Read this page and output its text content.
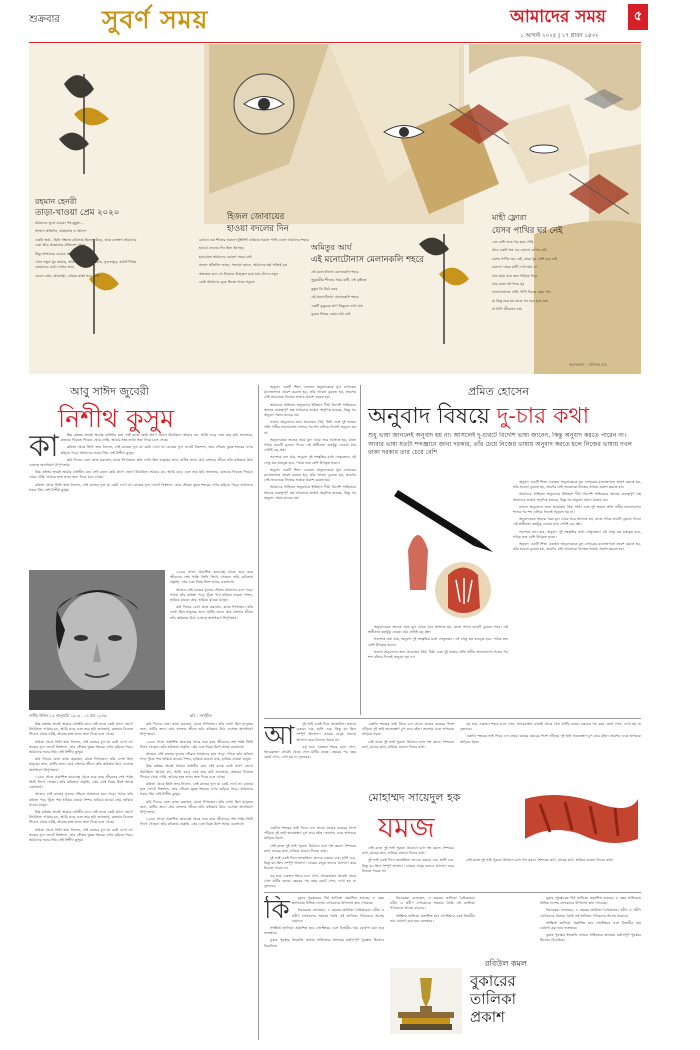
শুক্রবার সুবর্ণ সময়	আমাদের সময়	৫
১ আগস্ট ২০২৫ | ১৭ শ্রাবণ ১৪৩২
রহমান হেনরী
তাড়া-খাওয়া প্রেম ২০২০

আমাদের ভুলে যাওয়া পথ-মুহূর্ত...

আশ্বাস প্রতিদিন, যাতায়াত ও আনন্দ

একটা স্বপ্নে - যিনি সংঘাত কবিতায় ছিলেন উড়ে, তারা কতক্ষণ আমাদের একা আর প্রাক্কালের প্রতিবেশ থেকে

কিন্তু সংসারের চেয়েও প্রাক্তন বুঝিয়ে

এখন নতুন সুর জমছে, আমাদের ভুলে, স্রিয়মান, ফুলবাতুর, যথার্থ গির্ভর তোমাদের রেখা দেখার জন্য

কেবল প্রেম, আকাঙ্খা, প্রেমের রাস্তা ঘরে রাখি

হিজল জোবায়ের
হাওয়া বদলের দিন

কোনো এক শীতের সকালে টুংটাঙ্গী ডাকিয়ে সকাল পাখি এলো আমাদের শহরে

হাওয়া বদলের দিন ছিল আসছে

হাওয়াতে আমাদের কোনো নজর নেই

সকাল প্রতিদিন জানে, সন্ধ্যারা জানে, আমাদের স্বপ্ন সত্যিই রঙ

অন্ধকার হলে সে নিজেও উজ্জ্বল হয়ে যায় চাঁদেও নতুন

কেউ আমাদের বুকে ভিজে থাকে সবুজে

অমিতুর আর্য
এই মনোটোনাস মেলানকলি শহরে

এই মনোটোনাস মেলানকলি শহরে

সুকুমারীর শীতের সময় বাটি, এই বৃষ্টিতে

কুকুর কি মিঠে করে

এই মনোটোনাস মেলানকলি শহরে

একটি কুকুরের ঘ্রাণ কিছুতে দেখা যায়

বুকের ভিতর কেমন মাঠ নেই

মাহী ফ্লোরা
যেসব পাখির ঘর নেই

এত বেশি ভয়ে গড় হয়ে গেছি

আর একটা ভয় এর কোনো ব্যাখ্যা নেই

যেসব পাখির ঘর নেই, তারা খুব বেশি দূরে নেই

বারান্দা থেকে মাটি দেখা যায় না

তার ছায়া হয়ে জল গড়িয়ে পড়ে

তার মতো আপনার সুর

ভালোবাসতে গেছি পাখি দিনের কোন দিন

যা কিছু শুরু হয় রাত্রে সব শুরু হয়ে যায়

না চিনি জীবনের নাম

অলংকরণ : বালিকা রায়
আবু সাঈদ জুবেরী
নিশীথ কুসুম
কা	উচ্চ কন্ঠস্বর ক্রমেই আমার বাধাহীন মনে সেই রাতে কেউ প্রাণে জেগে উঠেছিল। আমার মন, আমি ঝড়ে এবং তার ছবি জানতাম, কতবার ফিরতে গিয়েও থেমে গেছি, আমার হাত তখন অন্য দিকে চলে গেছে।

কবিতা থেকে তিনি জন্ম নিলেন, সেই রাতের ফুল যা কেউ দেখে না। রাতের ফুল ফোটে নিঃশব্দে, তার সৌরভ ঘুমন্ত শহরের ওপর ছড়িয়ে পড়ে। আমাদের সবার প্রিয় সেই নিশীথ কুসুম।

কবি দিনের বেলা কাজ করতেন, রাতে লিখতেন। তাঁর লেখা ছিল মানুষের জন্য, মাটির জন্য। গ্রাম বাংলার জীবন তাঁর কবিতায় উঠে এসেছে অসাধারণ নিপুণতায়।

উচ্চ কন্ঠস্বর ক্রমেই আমার বাধাহীন মনে সেই রাতে কেউ প্রাণে জেগে উঠেছিল। আমার মন, আমি ঝড়ে এবং তার ছবি জানতাম, কতবার ফিরতে গিয়েও থেমে গেছি, আমার হাত তখন অন্য দিকে চলে গেছে।

কবিতা থেকে তিনি জন্ম নিলেন, সেই রাতের ফুল যা কেউ দেখে না। রাতের ফুল ফোটে নিঃশব্দে, তার সৌরভ ঘুমন্ত শহরের ওপর ছড়িয়ে পড়ে। আমাদের সবার প্রিয় সেই নিশীথ কুসুম।

১৯৩৪ সালে প্রকাশিত কাব্যগ্রন্থ থেকে শুরু করে জীবনের শেষ পর্যন্ত তিনি লিখে গেছেন। তাঁর কবিতায় প্রকৃতি, প্রেম এবং বিরহ মিশে আছে একসাথে।

আজও সেই রাতের ফুলের সৌরভ আমাদের মনে পড়ে। পাঠক তাঁর কবিতা পড়ে খুঁজে পায় হারিয়ে যাওয়া শৈশব, হারিয়ে যাওয়া গ্রাম, হারিয়ে যাওয়া মানুষ।

কবি দিনের বেলা কাজ করতেন, রাতে লিখতেন। তাঁর লেখা ছিল মানুষের জন্য, মাটির জন্য। গ্রাম বাংলার জীবন তাঁর কবিতায় উঠে এসেছে অসাধারণ নিপুণতায়।

জসীম উদ্দিন / ৯ জানুয়ারি ১৯০৩ - ১৪ মার্চ ১৯৭৬	ছবি : সংগৃহীত

উচ্চ কন্ঠস্বর ক্রমেই আমার বাধাহীন মনে সেই রাতে কেউ প্রাণে জেগে উঠেছিল। আমার মন, আমি ঝড়ে এবং তার ছবি জানতাম, কতবার ফিরতে গিয়েও থেমে গেছি, আমার হাত তখন অন্য দিকে চলে গেছে।

কবিতা থেকে তিনি জন্ম নিলেন, সেই রাতের ফুল যা কেউ দেখে না। রাতের ফুল ফোটে নিঃশব্দে, তার সৌরভ ঘুমন্ত শহরের ওপর ছড়িয়ে পড়ে। আমাদের সবার প্রিয় সেই নিশীথ কুসুম।

কবি দিনের বেলা কাজ করতেন, রাতে লিখতেন। তাঁর লেখা ছিল মানুষের জন্য, মাটির জন্য। গ্রাম বাংলার জীবন তাঁর কবিতায় উঠে এসেছে অসাধারণ নিপুণতায়।

১৯৩৪ সালে প্রকাশিত কাব্যগ্রন্থ থেকে শুরু করে জীবনের শেষ পর্যন্ত তিনি লিখে গেছেন। তাঁর কবিতায় প্রকৃতি, প্রেম এবং বিরহ মিশে আছে একসাথে।

আজও সেই রাতের ফুলের সৌরভ আমাদের মনে পড়ে। পাঠক তাঁর কবিতা পড়ে খুঁজে পায় হারিয়ে যাওয়া শৈশব, হারিয়ে যাওয়া গ্রাম, হারিয়ে যাওয়া মানুষ।

উচ্চ কন্ঠস্বর ক্রমেই আমার বাধাহীন মনে সেই রাতে কেউ প্রাণে জেগে উঠেছিল। আমার মন, আমি ঝড়ে এবং তার ছবি জানতাম, কতবার ফিরতে গিয়েও থেমে গেছি, আমার হাত তখন অন্য দিকে চলে গেছে।

কবিতা থেকে তিনি জন্ম নিলেন, সেই রাতের ফুল যা কেউ দেখে না। রাতের ফুল ফোটে নিঃশব্দে, তার সৌরভ ঘুমন্ত শহরের ওপর ছড়িয়ে পড়ে। আমাদের সবার প্রিয় সেই নিশীথ কুসুম।

কবি দিনের বেলা কাজ করতেন, রাতে লিখতেন। তাঁর লেখা ছিল মানুষের জন্য, মাটির জন্য। গ্রাম বাংলার জীবন তাঁর কবিতায় উঠে এসেছে অসাধারণ নিপুণতায়।

১৯৩৪ সালে প্রকাশিত কাব্যগ্রন্থ থেকে শুরু করে জীবনের শেষ পর্যন্ত তিনি লিখে গেছেন। তাঁর কবিতায় প্রকৃতি, প্রেম এবং বিরহ মিশে আছে একসাথে।

আজও সেই রাতের ফুলের সৌরভ আমাদের মনে পড়ে। পাঠক তাঁর কবিতা পড়ে খুঁজে পায় হারিয়ে যাওয়া শৈশব, হারিয়ে যাওয়া গ্রাম, হারিয়ে যাওয়া মানুষ।

উচ্চ কন্ঠস্বর ক্রমেই আমার বাধাহীন মনে সেই রাতে কেউ প্রাণে জেগে উঠেছিল। আমার মন, আমি ঝড়ে এবং তার ছবি জানতাম, কতবার ফিরতে গিয়েও থেমে গেছি, আমার হাত তখন অন্য দিকে চলে গেছে।

কবিতা থেকে তিনি জন্ম নিলেন, সেই রাতের ফুল যা কেউ দেখে না। রাতের ফুল ফোটে নিঃশব্দে, তার সৌরভ ঘুমন্ত শহরের ওপর ছড়িয়ে পড়ে। আমাদের সবার প্রিয় সেই নিশীথ কুসুম।

কবি দিনের বেলা কাজ করতেন, রাতে লিখতেন। তাঁর লেখা ছিল মানুষের জন্য, মাটির জন্য। গ্রাম বাংলার জীবন তাঁর কবিতায় উঠে এসেছে অসাধারণ নিপুণতায়।

১৯৩৪ সালে প্রকাশিত কাব্যগ্রন্থ থেকে শুরু করে জীবনের শেষ পর্যন্ত তিনি লিখে গেছেন। তাঁর কবিতায় প্রকৃতি, প্রেম এবং বিরহ মিশে আছে একসাথে।

অনুবাদ একটি শিল্প। একজন অনুবাদককে মূল লেখকের মনোজগতে প্রবেশ করতে হয়, তাঁর ভাবনা বুঝতে হয়, তারপর সেই ভাবনাকে নিজের ভাষায় প্রকাশ করতে হয়।

আমাদের সাহিত্যে অনুবাদের ইতিহাস দীর্ঘ। বিদেশি সাহিত্যের অনেক গুরুত্বপূর্ণ গ্রন্থ আমাদের ভাষায় অনূদিত হয়েছে, কিন্তু সব অনুবাদ সমান মানের নয়।

ভালো অনুবাদের জন্য প্রয়োজন ধৈর্য, নিষ্ঠা এবং দুই ভাষার প্রতি গভীর ভালোবাসা। শব্দের পর শব্দ বসিয়ে দিলেই অনুবাদ হয় না।

অনুবাদককে অনেক সময় মূল থেকে সরে আসতে হয়, যাতে পাঠক ভাবটি বুঝতে পারে। এই স্বাধীনতা কতটুকু নেওয়া যায় সেটাই বড় প্রশ্ন।

সবশেষে বলা যায়, অনুবাদ দুই সংস্কৃতির মধ্যে সেতুবন্ধন। এই সেতু যত মজবুত হবে, পাঠক তত বেশি উপকৃত হবেন।

অনুবাদ একটি শিল্প। একজন অনুবাদককে মূল লেখকের মনোজগতে প্রবেশ করতে হয়, তাঁর ভাবনা বুঝতে হয়, তারপর সেই ভাবনাকে নিজের ভাষায় প্রকাশ করতে হয়।

আমাদের সাহিত্যে অনুবাদের ইতিহাস দীর্ঘ। বিদেশি সাহিত্যের অনেক গুরুত্বপূর্ণ গ্রন্থ আমাদের ভাষায় অনূদিত হয়েছে, কিন্তু সব অনুবাদ সমান মানের নয়।

প্রমিত হোসেন
অনুবাদ বিষয়ে দু-চার কথা
শুধু ভাষা জানলেই অনুবাদ হয় না। আসলেই দু-চারটে বিদেশি ভাষা জানেন, কিন্তু অনুবাদ করতে পারেন না। আবার ভাষা যতটা শব্দজ্ঞানে জানা দরকার, তাঁর চেয়ে নিজের ভাষায় অনুবাদ করতে হলে নিজের ভাষায় দখল থাকা দরকার তার চেয়ে বেশি

অনুবাদ একটি শিল্প। একজন অনুবাদককে মূল লেখকের মনোজগতে প্রবেশ করতে হয়, তাঁর ভাবনা বুঝতে হয়, তারপর সেই ভাবনাকে নিজের ভাষায় প্রকাশ করতে হয়।

আমাদের সাহিত্যে অনুবাদের ইতিহাস দীর্ঘ। বিদেশি সাহিত্যের অনেক গুরুত্বপূর্ণ গ্রন্থ আমাদের ভাষায় অনূদিত হয়েছে, কিন্তু সব অনুবাদ সমান মানের নয়।

ভালো অনুবাদের জন্য প্রয়োজন ধৈর্য, নিষ্ঠা এবং দুই ভাষার প্রতি গভীর ভালোবাসা। শব্দের পর শব্দ বসিয়ে দিলেই অনুবাদ হয় না।

অনুবাদককে অনেক সময় মূল থেকে সরে আসতে হয়, যাতে পাঠক ভাবটি বুঝতে পারে। এই স্বাধীনতা কতটুকু নেওয়া যায় সেটাই বড় প্রশ্ন।

সবশেষে বলা যায়, অনুবাদ দুই সংস্কৃতির মধ্যে সেতুবন্ধন। এই সেতু যত মজবুত হবে, পাঠক তত বেশি উপকৃত হবেন।

অনুবাদ একটি শিল্প। একজন অনুবাদককে মূল লেখকের মনোজগতে প্রবেশ করতে হয়, তাঁর ভাবনা বুঝতে হয়, তারপর সেই ভাবনাকে নিজের ভাষায় প্রকাশ করতে হয়।

অনুবাদককে অনেক সময় মূল থেকে সরে আসতে হয়, যাতে পাঠক ভাবটি বুঝতে পারে। এই স্বাধীনতা কতটুকু নেওয়া যায় সেটাই বড় প্রশ্ন।

সবশেষে বলা যায়, অনুবাদ দুই সংস্কৃতির মধ্যে সেতুবন্ধন। এই সেতু যত মজবুত হবে, পাঠক তত বেশি উপকৃত হবেন।

ভালো অনুবাদের জন্য প্রয়োজন ধৈর্য, নিষ্ঠা এবং দুই ভাষার প্রতি গভীর ভালোবাসা। শব্দের পর শব্দ বসিয়ে দিলেই অনুবাদ হয় না।

আ	দুই ভাই একই দিনে জন্মেছিল। তাদের চেহারা এক, হাসি এক, কিন্তু মন ছিল সম্পূর্ণ আলাদা। গ্রামের মানুষ তাদের আলাদা করে চিনতে পারত না।

বড় হয়ে একজন শহরে চলে গেল, আরেকজন গ্রামেই থেকে গেল মাটির কাছে। বছরের পর বছর কেটে গেল, দেখা হয় না দুজনের।

একদিন শহরের ভাই ফিরে এল গ্রামে। মায়ের কবরের পাশে দাঁড়িয়ে দুই ভাই অনেকক্ষণ চুপ করে রইল। তারপর একে অপরকে জড়িয়ে ধরল।

সেই রাতে দুই ভাই পুরনো উঠোনে বসে গল্প করল। শৈশবের কথা, মায়ের কথা, হারিয়ে যাওয়া দিনের কথা।

বড় হয়ে একজন শহরে চলে গেল, আরেকজন গ্রামেই থেকে গেল মাটির কাছে। বছরের পর বছর কেটে গেল, দেখা হয় না দুজনের।

একদিন শহরের ভাই ফিরে এল গ্রামে। মায়ের কবরের পাশে দাঁড়িয়ে দুই ভাই অনেকক্ষণ চুপ করে রইল। তারপর একে অপরকে জড়িয়ে ধরল।

মোহাম্মদ সায়েদুল হক
যমজ

একদিন শহরের ভাই ফিরে এল গ্রামে। মায়ের কবরের পাশে দাঁড়িয়ে দুই ভাই অনেকক্ষণ চুপ করে রইল। তারপর একে অপরকে জড়িয়ে ধরল।

সেই রাতে দুই ভাই পুরনো উঠোনে বসে গল্প করল। শৈশবের কথা, মায়ের কথা, হারিয়ে যাওয়া দিনের কথা।

দুই ভাই একই দিনে জন্মেছিল। তাদের চেহারা এক, হাসি এক, কিন্তু মন ছিল সম্পূর্ণ আলাদা। গ্রামের মানুষ তাদের আলাদা করে চিনতে পারত না।

বড় হয়ে একজন শহরে চলে গেল, আরেকজন গ্রামেই থেকে গেল মাটির কাছে। বছরের পর বছর কেটে গেল, দেখা হয় না দুজনের।

সেই রাতে দুই ভাই পুরনো উঠোনে বসে গল্প করল। শৈশবের কথা, মায়ের কথা, হারিয়ে যাওয়া দিনের কথা।

দুই ভাই একই দিনে জন্মেছিল। তাদের চেহারা এক, হাসি এক, কিন্তু মন ছিল সম্পূর্ণ আলাদা। গ্রামের মানুষ তাদের আলাদা করে চিনতে পারত না।

সেই রাতে দুই ভাই পুরনো উঠোনে বসে গল্প করল। শৈশবের কথা, মায়ের কথা, হারিয়ে যাওয়া দিনের কথা।

কি	বুকার পুরস্কারের দীর্ঘ তালিকা প্রকাশিত হয়েছে। এ বছর তালিকায় বিভিন্ন দেশের লেখকদের উপন্যাস স্থান পেয়েছে।

বিচারকরা বলেছেন, এ বছরের তালিকা বৈচিত্র্যময়। নবীন ও প্রবীণ লেখকদের সমন্বয়ে তৈরি এই তালিকা পাঠকদের আগ্রহ বাড়াবে।

সংক্ষিপ্ত তালিকা প্রকাশিত হবে সেপ্টেম্বরে এবং বিজয়ীর নাম ঘোষণা করা হবে নভেম্বরে।

বুকার পুরস্কার ইংরেজি ভাষার সাহিত্যের অন্যতম মর্যাদাপূর্ণ পুরস্কার হিসেবে বিবেচিত।

রবিউল কমল
বুকারের
তালিকা
প্রকাশ

বিচারকরা বলেছেন, এ বছরের তালিকা বৈচিত্র্যময়। নবীন ও প্রবীণ লেখকদের সমন্বয়ে তৈরি এই তালিকা পাঠকদের আগ্রহ বাড়াবে।

সংক্ষিপ্ত তালিকা প্রকাশিত হবে সেপ্টেম্বরে এবং বিজয়ীর নাম ঘোষণা করা হবে নভেম্বরে।

বুকার পুরস্কারের দীর্ঘ তালিকা প্রকাশিত হয়েছে। এ বছর তালিকায় বিভিন্ন দেশের লেখকদের উপন্যাস স্থান পেয়েছে।

বিচারকরা বলেছেন, এ বছরের তালিকা বৈচিত্র্যময়। নবীন ও প্রবীণ লেখকদের সমন্বয়ে তৈরি এই তালিকা পাঠকদের আগ্রহ বাড়াবে।

সংক্ষিপ্ত তালিকা প্রকাশিত হবে সেপ্টেম্বরে এবং বিজয়ীর নাম ঘোষণা করা হবে নভেম্বরে।

বুকার পুরস্কার ইংরেজি ভাষার সাহিত্যের অন্যতম মর্যাদাপূর্ণ পুরস্কার হিসেবে বিবেচিত।
